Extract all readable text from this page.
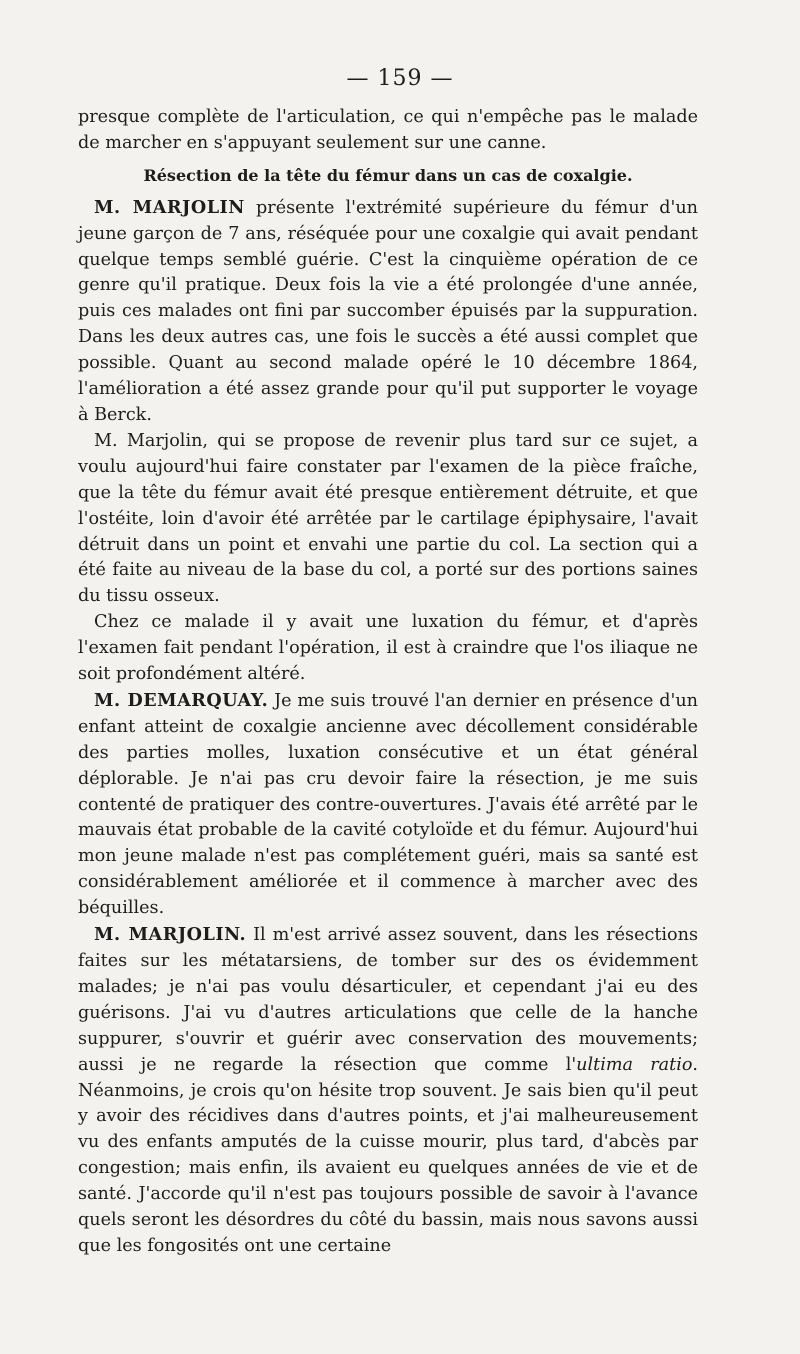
— 159 —

presque complète de l'articulation, ce qui n'empêche pas le malade de marcher en s'appuyant seulement sur une canne.

Résection de la tête du fémur dans un cas de coxalgie.

M. MARJOLIN présente l'extrémité supérieure du fémur d'un jeune garçon de 7 ans, réséquée pour une coxalgie qui avait pendant quelque temps semblé guérie. C'est la cinquième opération de ce genre qu'il pratique. Deux fois la vie a été prolongée d'une année, puis ces malades ont fini par succomber épuisés par la suppuration. Dans les deux autres cas, une fois le succès a été aussi complet que possible. Quant au second malade opéré le 10 décembre 1864, l'amélioration a été assez grande pour qu'il put supporter le voyage à Berck.

M. Marjolin, qui se propose de revenir plus tard sur ce sujet, a voulu aujourd'hui faire constater par l'examen de la pièce fraîche, que la tête du fémur avait été presque entièrement détruite, et que l'ostéite, loin d'avoir été arrêtée par le cartilage épiphysaire, l'avait détruit dans un point et envahi une partie du col. La section qui a été faite au niveau de la base du col, a porté sur des portions saines du tissu osseux.

Chez ce malade il y avait une luxation du fémur, et d'après l'examen fait pendant l'opération, il est à craindre que l'os iliaque ne soit profondément altéré.

M. DEMARQUAY. Je me suis trouvé l'an dernier en présence d'un enfant atteint de coxalgie ancienne avec décollement considérable des parties molles, luxation consécutive et un état général déplorable. Je n'ai pas cru devoir faire la résection, je me suis contenté de pratiquer des contre-ouvertures. J'avais été arrêté par le mauvais état probable de la cavité cotyloïde et du fémur. Aujourd'hui mon jeune malade n'est pas complétement guéri, mais sa santé est considérablement améliorée et il commence à marcher avec des béquilles.

M. MARJOLIN. Il m'est arrivé assez souvent, dans les résections faites sur les métatarsiens, de tomber sur des os évidemment malades; je n'ai pas voulu désarticuler, et cependant j'ai eu des guérisons. J'ai vu d'autres articulations que celle de la hanche suppurer, s'ouvrir et guérir avec conservation des mouvements; aussi je ne regarde la résection que comme l'ultima ratio. Néanmoins, je crois qu'on hésite trop souvent. Je sais bien qu'il peut y avoir des récidives dans d'autres points, et j'ai malheureusement vu des enfants amputés de la cuisse mourir, plus tard, d'abcès par congestion; mais enfin, ils avaient eu quelques années de vie et de santé. J'accorde qu'il n'est pas toujours possible de savoir à l'avance quels seront les désordres du côté du bassin, mais nous savons aussi que les fongosités ont une certaine
